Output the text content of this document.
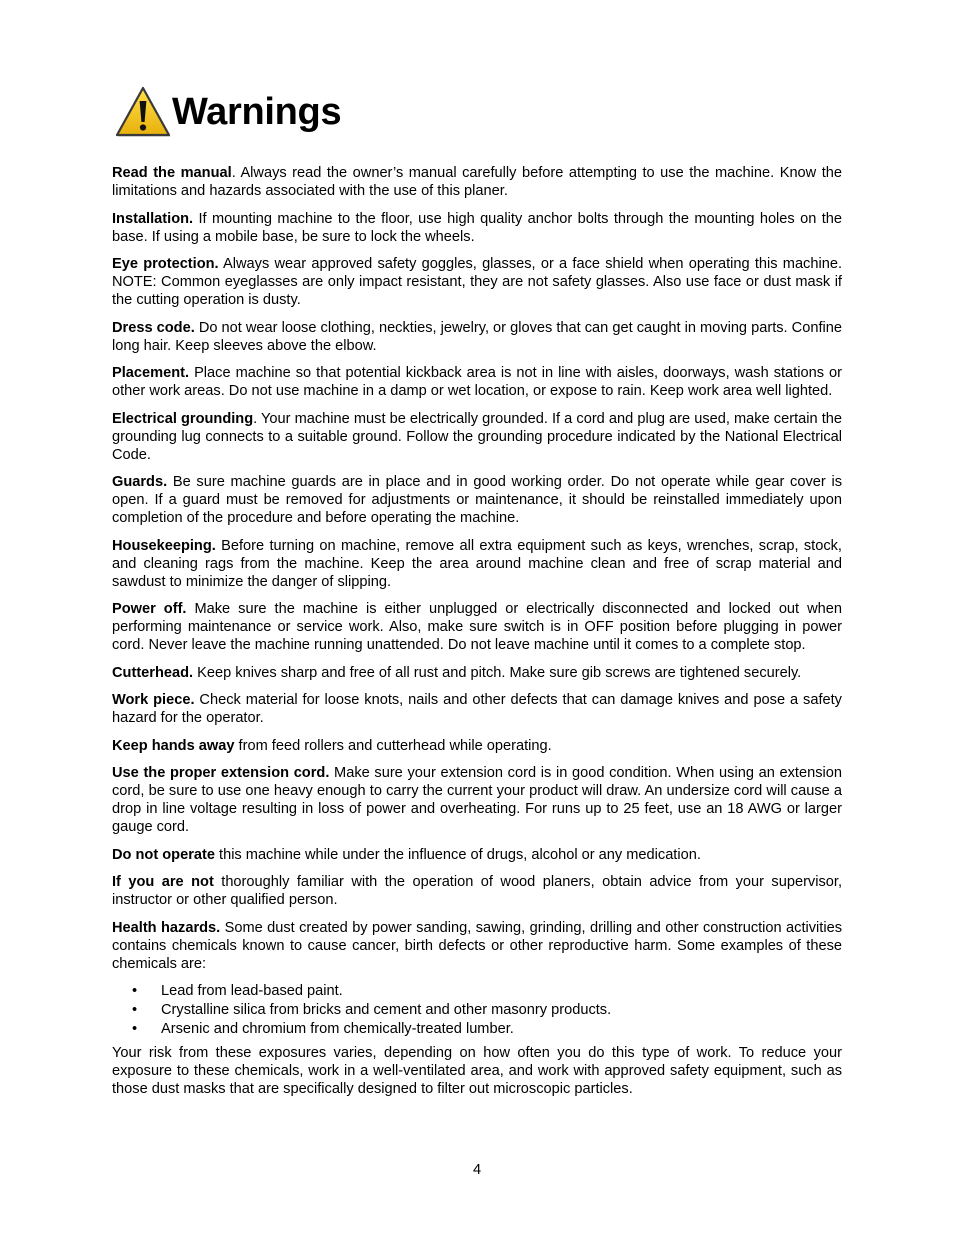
Warnings

Read the manual. Always read the owner’s manual carefully before attempting to use the machine. Know the limitations and hazards associated with the use of this planer.

Installation. If mounting machine to the floor, use high quality anchor bolts through the mounting holes on the base. If using a mobile base, be sure to lock the wheels.

Eye protection. Always wear approved safety goggles, glasses, or a face shield when operating this machine. NOTE: Common eyeglasses are only impact resistant, they are not safety glasses. Also use face or dust mask if the cutting operation is dusty.

Dress code. Do not wear loose clothing, neckties, jewelry, or gloves that can get caught in moving parts. Confine long hair. Keep sleeves above the elbow.

Placement. Place machine so that potential kickback area is not in line with aisles, doorways, wash stations or other work areas. Do not use machine in a damp or wet location, or expose to rain. Keep work area well lighted.

Electrical grounding. Your machine must be electrically grounded. If a cord and plug are used, make certain the grounding lug connects to a suitable ground. Follow the grounding procedure indicated by the National Electrical Code.

Guards. Be sure machine guards are in place and in good working order. Do not operate while gear cover is open. If a guard must be removed for adjustments or maintenance, it should be reinstalled immediately upon completion of the procedure and before operating the machine.

Housekeeping. Before turning on machine, remove all extra equipment such as keys, wrenches, scrap, stock, and cleaning rags from the machine. Keep the area around machine clean and free of scrap material and sawdust to minimize the danger of slipping.

Power off. Make sure the machine is either unplugged or electrically disconnected and locked out when performing maintenance or service work. Also, make sure switch is in OFF position before plugging in power cord. Never leave the machine running unattended. Do not leave machine until it comes to a complete stop.

Cutterhead. Keep knives sharp and free of all rust and pitch. Make sure gib screws are tightened securely.

Work piece. Check material for loose knots, nails and other defects that can damage knives and pose a safety hazard for the operator.

Keep hands away from feed rollers and cutterhead while operating.

Use the proper extension cord. Make sure your extension cord is in good condition. When using an extension cord, be sure to use one heavy enough to carry the current your product will draw. An undersize cord will cause a drop in line voltage resulting in loss of power and overheating. For runs up to 25 feet, use an 18 AWG or larger gauge cord.

Do not operate this machine while under the influence of drugs, alcohol or any medication.

If you are not thoroughly familiar with the operation of wood planers, obtain advice from your supervisor, instructor or other qualified person.

Health hazards. Some dust created by power sanding, sawing, grinding, drilling and other construction activities contains chemicals known to cause cancer, birth defects or other reproductive harm. Some examples of these chemicals are:

• Lead from lead-based paint.
• Crystalline silica from bricks and cement and other masonry products.
• Arsenic and chromium from chemically-treated lumber.

Your risk from these exposures varies, depending on how often you do this type of work. To reduce your exposure to these chemicals, work in a well-ventilated area, and work with approved safety equipment, such as those dust masks that are specifically designed to filter out microscopic particles.

4
